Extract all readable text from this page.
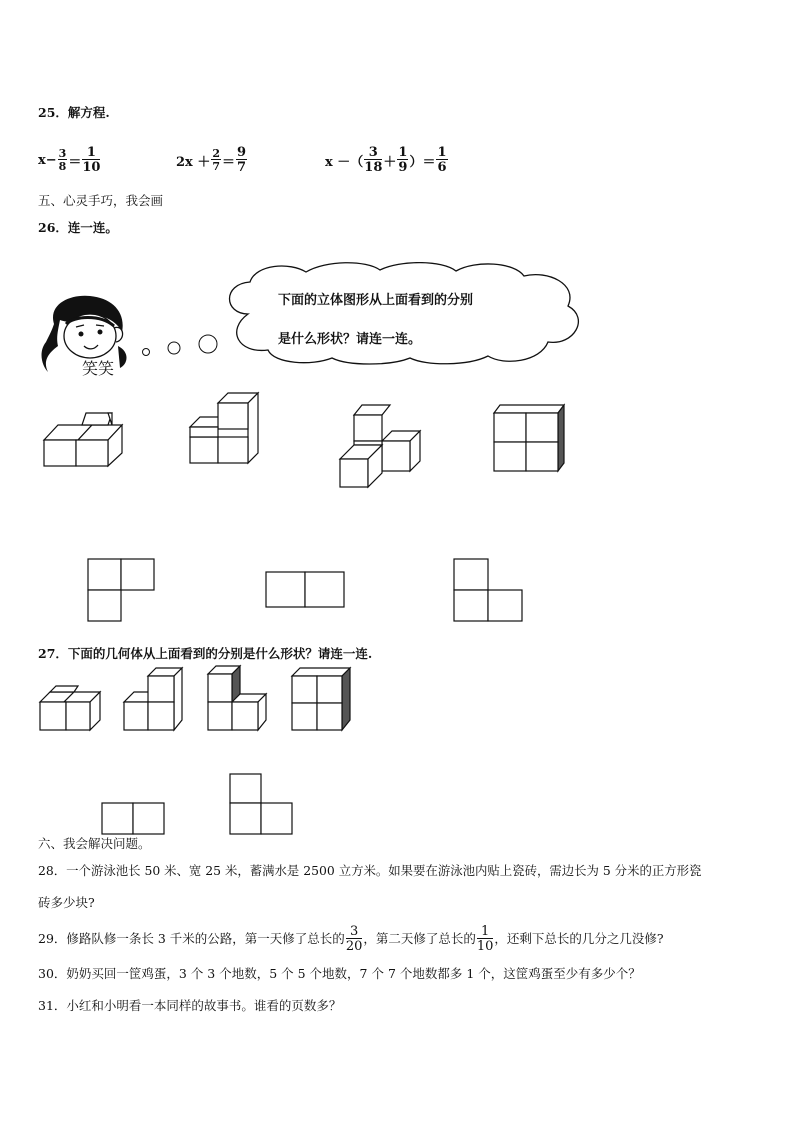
25．解方程.
$x- \frac{3}{8} = \frac{1}{10}$	$2x + \frac{2}{7} = \frac{9}{7}$	x －（ $\frac{3}{18} + \frac{1}{9}$ ）＝ $\frac{1}{6}$
五、心灵手巧，我会画
26．连一连。
下面的立体图形从上面看到的分别
是什么形状？请连一连。
笑笑
27．下面的几何体从上面看到的分别是什么形状？请连一连.
六、我会解决问题。
28．一个游泳池长 50 米、宽 25 米，蓄满水是 2500 立方米。如果要在游泳池内贴上瓷砖，需边长为 5 分米的正方形瓷
砖多少块?
29．修路队修一条长 3 千米的公路，第一天修了总长的 $\frac{3}{20}$ ，第二天修了总长的 $\frac{1}{10}$ ，还剩下总长的几分之几没修?
30．奶奶买回一筐鸡蛋，3 个 3 个地数，5 个 5 个地数，7 个 7 个地数都多 1 个，这筐鸡蛋至少有多少个？
31．小红和小明看一本同样的故事书。谁看的页数多？
